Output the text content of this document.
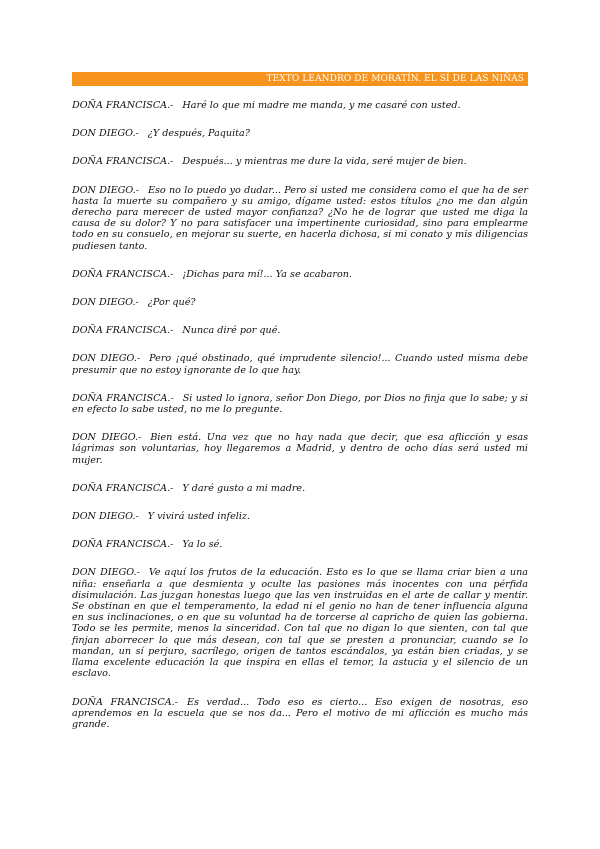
TEXTO LEANDRO DE MORATÍN. EL SÍ DE LAS NIÑAS

DOÑA FRANCISCA.- Haré lo que mi madre me manda, y me casaré con usted.

DON DIEGO.- ¿Y después, Paquita?

DOÑA FRANCISCA.- Después... y mientras me dure la vida, seré mujer de bien.

DON DIEGO.- Eso no lo puedo yo dudar... Pero si usted me considera como el que ha de ser hasta la muerte su compañero y su amigo, dígame usted: estos títulos ¿no me dan algún derecho para merecer de usted mayor confianza? ¿No he de lograr que usted me diga la causa de su dolor? Y no para satisfacer una impertinente curiosidad, sino para emplearme todo en su consuelo, en mejorar su suerte, en hacerla dichosa, si mi conato y mis diligencias pudiesen tanto.

DOÑA FRANCISCA.- ¡Dichas para mí!... Ya se acabaron.

DON DIEGO.- ¿Por qué?

DOÑA FRANCISCA.- Nunca diré por qué.

DON DIEGO.- Pero ¡qué obstinado, qué imprudente silencio!... Cuando usted misma debe presumir que no estoy ignorante de lo que hay.

DOÑA FRANCISCA.- Si usted lo ignora, señor Don Diego, por Dios no finja que lo sabe; y si en efecto lo sabe usted, no me lo pregunte.

DON DIEGO.- Bien está. Una vez que no hay nada que decir, que esa aflicción y esas lágrimas son voluntarias, hoy llegaremos a Madrid, y dentro de ocho días será usted mi mujer.

DOÑA FRANCISCA.- Y daré gusto a mi madre.

DON DIEGO.- Y vivirá usted infeliz.

DOÑA FRANCISCA.- Ya lo sé.

DON DIEGO.- Ve aquí los frutos de la educación. Esto es lo que se llama criar bien a una niña: enseñarla a que desmienta y oculte las pasiones más inocentes con una pérfida disimulación. Las juzgan honestas luego que las ven instruidas en el arte de callar y mentir. Se obstinan en que el temperamento, la edad ni el genio no han de tener influencia alguna en sus inclinaciones, o en que su voluntad ha de torcerse al capricho de quien las gobierna. Todo se les permite, menos la sinceridad. Con tal que no digan lo que sienten, con tal que finjan aborrecer lo que más desean, con tal que se presten a pronunciar, cuando se lo mandan, un sí perjuro, sacrílego, origen de tantos escándalos, ya están bien criadas, y se llama excelente educación la que inspira en ellas el temor, la astucia y el silencio de un esclavo.

DOÑA FRANCISCA.- Es verdad... Todo eso es cierto... Eso exigen de nosotras, eso aprendemos en la escuela que se nos da... Pero el motivo de mi aflicción es mucho más grande.
